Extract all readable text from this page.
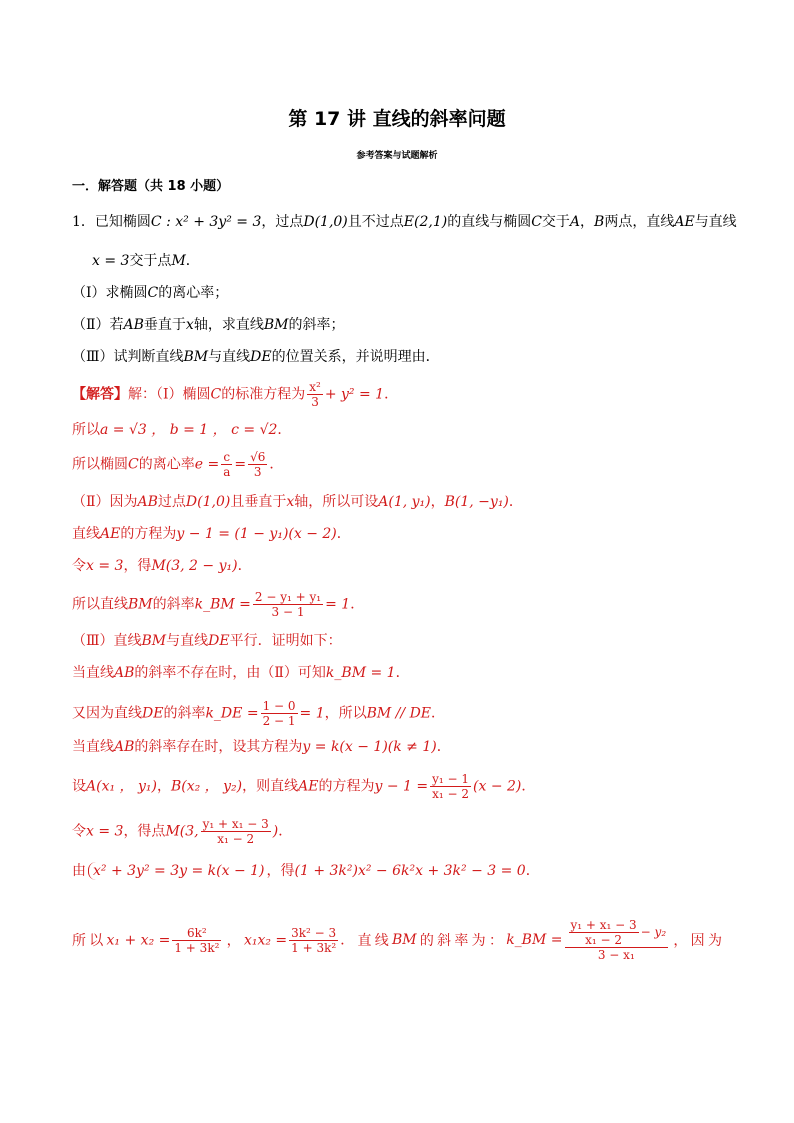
第 17 讲 直线的斜率问题
参考答案与试题解析
一．解答题（共 18 小题）
1．已知椭圆C : x² + 3y² = 3，过点D(1,0)且不过点E(2,1)的直线与椭圆C交于A，B两点，直线AE与直线
x = 3交于点M．
（Ⅰ）求椭圆C的离心率；
（Ⅱ）若AB垂直于x轴，求直线BM的斜率；
（Ⅲ）试判断直线BM与直线DE的位置关系，并说明理由．
【解答】解：（Ⅰ）椭圆C的标准方程为 $\frac{\text{x²}}{3} + y^2 = 1$．
所以a = √3 ， b = 1 ， c = √2．
所以椭圆C的离心率$e = \frac{c}{a} = \frac{√6}{3}$ ．
（Ⅱ）因为AB过点D(1,0)且垂直于x轴，所以可设A(1, y₁)，B(1, −y₁)．
直线AE的方程为y − 1 = (1 − y₁)(x − 2)．
令x = 3，得M(3, 2 − y₁)．
所以直线BM的斜率k_BM = $\frac{\text{2 − y₁ + y₁}}{3 - 1} = 1$．
（Ⅲ）直线BM与直线DE平行．证明如下：
当直线AB的斜率不存在时，由（Ⅱ）可知k_BM = 1．
又因为直线DE的斜率k_DE = $\frac{1 - 0}{2 - 1} = 1$，所以BM // DE．
当直线AB的斜率存在时，设其方程为y = k(x − 1)(k ≠ 1)．
设A(x₁ ， y₁)，B(x₂ ， y₂)，则直线AE的方程为$y - 1 = \frac{\text{y₁ − 1}}{\text{x₁ − 2}} (x - 2)$．
令x = 3，得点M(3, $\frac{\text{y₁ + x₁ − 3}}{\text{x₁ − 2}}$ )．
由 x² + 3y² = 3y = k(x − 1) ，得(1 + 3k²)x² − 6k²x + 3k² − 3 = 0．
所 以 $x_1 + x_2 = \frac{\text{6k²}}{\text{1 + 3k²}}$ ， $x_1x_2 = \frac{\text{3k² − 3}}{\text{1 + 3k²}}$ ． 直 线 BM 的 斜 率 为 ： k_BM = $\frac{\frac{\text{y₁ + x₁ − 3}}{\text{x₁ − 2}} - y_2}{\text{3 − x₁}}$ ， 因 为
